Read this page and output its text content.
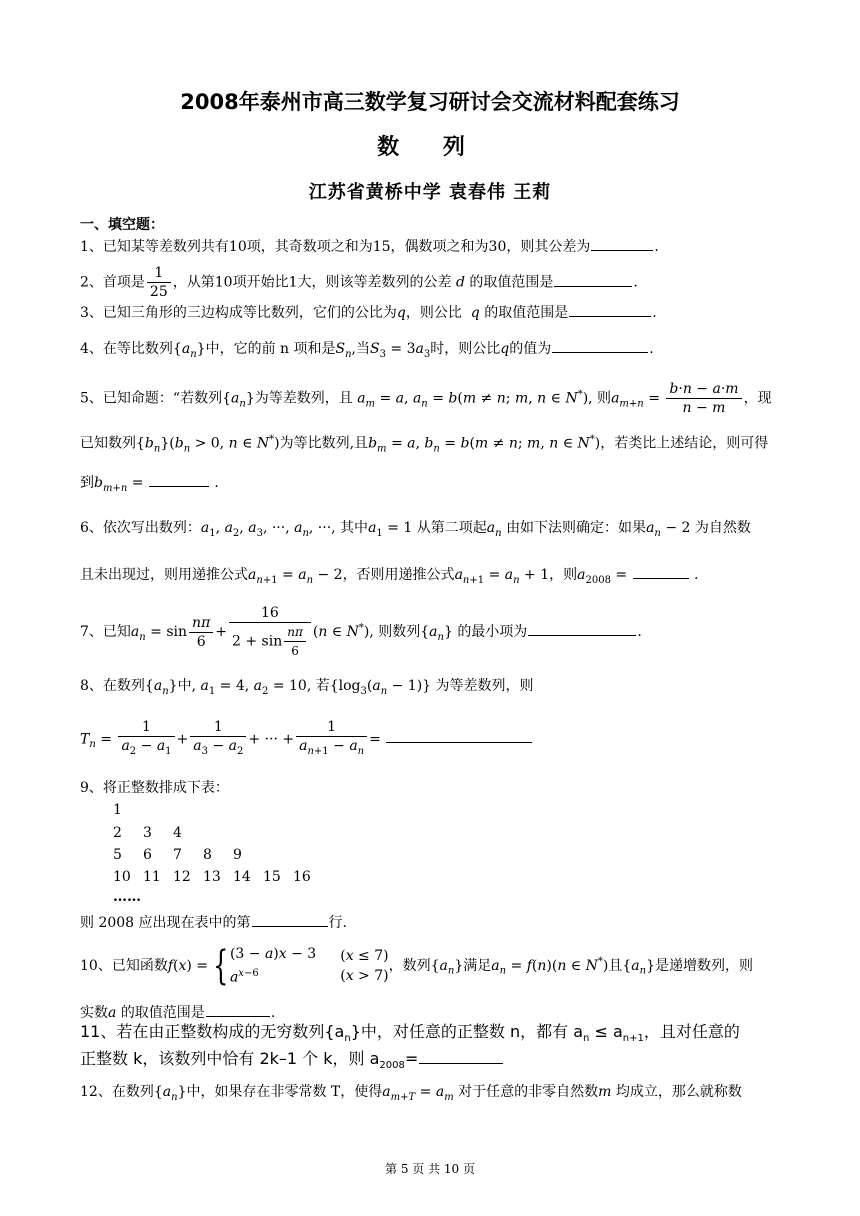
2008年泰州市高三数学复习研讨会交流材料配套练习
数 列
江苏省黄桥中学 袁春伟 王莉
一、填空题：
1、已知某等差数列共有10项，其奇数项之和为15，偶数项之和为30，则其公差为	.
2、首项是 $\frac{1}{25}$ ，从第10项开始比1大，则该等差数列的公差 d 的取值范围是	.
3、已知三角形的三边构成等比数列，它们的公比为q，则公比 q 的取值范围是	.
4、在等比数列$\{a_n\}$中，它的前 n 项和是$S_n$,当$S_3 = 3a_3$时，则公比q的值为	.
5、已知命题：“若数列$\{a_n\}$为等差数列，且 $a_m = a$, $a_n = b(m \ne n$; m, n ∈ N*), 则$a_{m+n} = \frac{b\cdot n - a\cdot m}{n - m}$ ，现
已知数列$\{b_n\}(b_n > 0$, n ∈ N*)为等比数列,且$b_m = a$, $b_n = b(m \ne n$; m, n ∈ N*)，若类比上述结论，则可得
到$b_{m+n}$ =	.
6、依次写出数列：$a_1$, $a_2$, $a_3$, ···, $a_n$, ···, 其中$a_1 = 1$ 从第二项起$a_n$ 由如下法则确定：如果$a_n - 2$ 为自然数
且未出现过，则用递推公式$a_{n+1} = a_n - 2$，否则用递推公式$a_{n+1} = a_n + 1$，则$a_{2008}$ =	.
7、已知$a_n = \sin \frac{n\pi}{6} + \frac{16}{2 + \sin \frac{n\pi}{6}} (n$ ∈ N*), 则数列$\{a_n\}$ 的最小项为	.
8、在数列$\{a_n\}$中, $a_1 = 4$, $a_2 = 10$, 若$\{\log_3(a_n - 1)\}$ 为等差数列，则
$T_n = \frac{1}{a_2 - a_1} + \frac{1}{a_3 - a_2}$ + ··· + $\frac{1}{a_{n+1} - a_n}$ =
9、将正整数排成下表：
1
2 3 4
5 6 7 8 9
10 11 12 13 14 15 16
……
则 2008 应出现在表中的第	行.
10、已知函数f(x) = {(3 − a)x − 3
$a^{x-6}(x \le 7)$
(x > 7)，数列$\{a_n\}$满足$a_n = f(n)(n$ ∈ N*)且$\{a_n\}$是递增数列，则
实数a 的取值范围是	.
11、若在由正整数构成的无穷数列$\{a_n\}$中，对任意的正整数 n，都有 $a_n \le a_{n+1}$，且对任意的
正整数 k，该数列中恰有 2k–1 个 k，则 $a_{2008}=$
12、在数列$\{a_n\}$中，如果存在非零常数 T，使得$a_{m+T} = a_m$ 对于任意的非零自然数m 均成立，那么就称数
第 5 页 共 10 页
